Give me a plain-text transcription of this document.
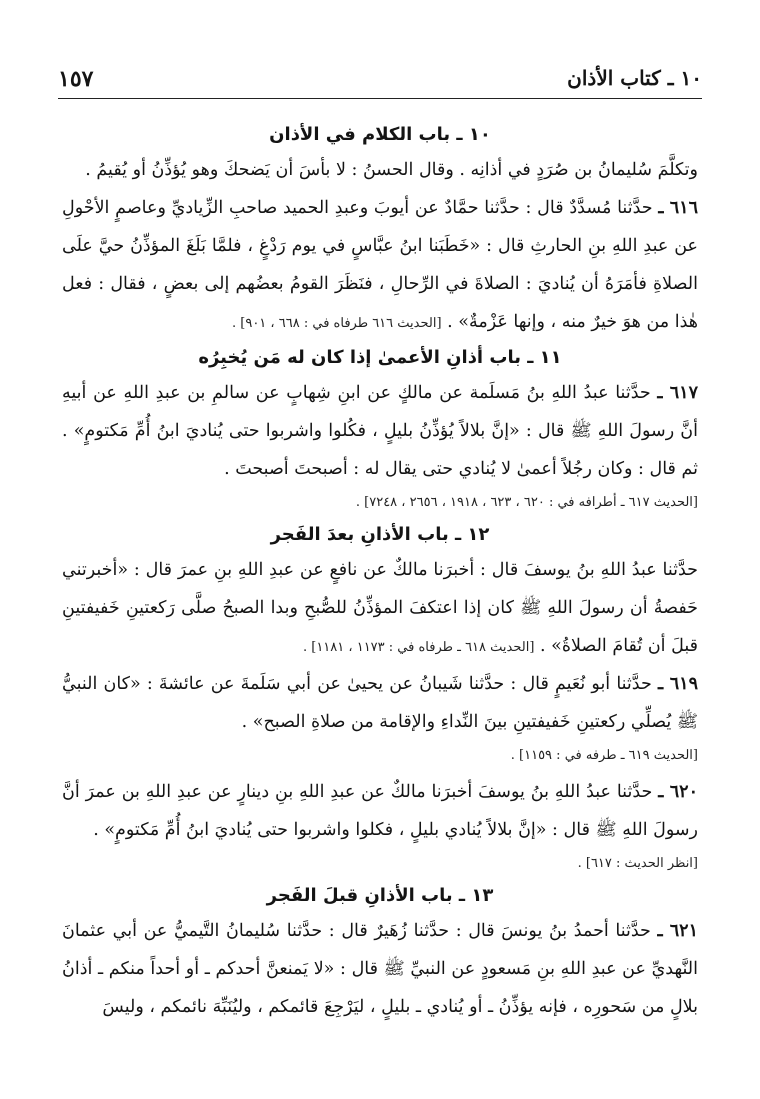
١٠ ـ كتاب الأذان
١٥٧
١٠ ـ باب الكلام في الأذان

وتكلَّمَ سُليمانُ بن صُرَدٍ في أذانِه . وقال الحسنُ : لا بأسَ أن يَضحكَ وهو يُؤذِّنُ أو يُقيمُ .

٦١٦ ـ حدَّثنا مُسدَّدٌ قال : حدَّثنا حمَّادٌ عن أيوبَ وعبدِ الحميد صاحبِ الزِّياديِّ وعاصمٍ الأحْولِ عن عبدِ اللهِ بنِ الحارثِ قال : «خَطَبَنا ابنُ عبَّاسٍ في يوم رَدْغٍ ، فلمَّا بَلَغَ المؤذِّنُ حيَّ علَى الصلاةِ فأمَرَهُ أن يُناديَ : الصلاةَ في الرِّحالِ ، فنَظَرَ القومُ بعضُهم إلى بعضٍ ، فقال : فعل هٰذا من هوَ خيرٌ منه ، وإنها عَزْمةٌ» . [الحديث ٦١٦ طرفاه في : ٦٦٨ ، ٩٠١] .

١١ ـ باب أذانِ الأعمىٰ إذا كان له مَن يُخبِرُه

٦١٧ ـ حدَّثنا عبدُ اللهِ بنُ مَسلَمة عن مالكٍ عن ابنِ شِهابٍ عن سالمِ بن عبدِ اللهِ عن أبيهِ أنَّ رسولَ اللهِ ﷺ قال : «إنَّ بلالاً يُؤذِّنُ بليلٍ ، فكُلوا واشربوا حتى يُناديَ ابنُ أُمِّ مَكتومٍ» . ثم قال : وكان رجُلاً أعمىٰ لا يُنادي حتى يقال له : أصبحتَ أصبحتَ .

[الحديث ٦١٧ ـ أطرافه في : ٦٢٠ ، ٦٢٣ ، ١٩١٨ ، ٢٦٥٦ ، ٧٢٤٨] .

١٢ ـ باب الأذانِ بعدَ الفَجر

حدَّثنا عبدُ اللهِ بنُ يوسفَ قال : أخبرَنا مالكٌ عن نافعٍ عن عبدِ اللهِ بنِ عمرَ قال : «أخبرتني حَفصةُ أن رسولَ اللهِ ﷺ كان إذا اعتكفَ المؤذِّنُ للصُّبحِ وبدا الصبحُ صلَّى رَكعتينِ خَفيفتينِ قبلَ أن تُقامَ الصلاةُ» . [الحديث ٦١٨ ـ طرفاه في : ١١٧٣ ، ١١٨١] .

٦١٩ ـ حدَّثنا أبو نُعَيمٍ قال : حدَّثنا شَيبانُ عن يحيىٰ عن أبي سَلَمةَ عن عائشةَ : «كان النبيُّ ﷺ يُصلِّي ركعتينِ خَفيفتينِ بينَ النِّداءِ والإقامة من صلاةِ الصبح» .

[الحديث ٦١٩ ـ طرفه في : ١١٥٩] .

٦٢٠ ـ حدَّثنا عبدُ اللهِ بنُ يوسفَ أخبرَنا مالكٌ عن عبدِ اللهِ بنِ دينارٍ عن عبدِ اللهِ بن عمرَ أنَّ رسولَ اللهِ ﷺ قال : «إنَّ بلالاً يُنادي بليلٍ ، فكلوا واشربوا حتى يُناديَ ابنُ أُمِّ مَكتومٍ» .

[انظر الحديث : ٦١٧] .

١٣ ـ باب الأذانِ قبلَ الفَجر

٦٢١ ـ حدَّثنا أحمدُ بنُ يونسَ قال : حدَّثنا زُهَيرٌ قال : حدَّثنا سُليمانُ التَّيميُّ عن أبي عثمانَ النَّهديِّ عن عبدِ اللهِ بنِ مَسعودٍ عن النبيِّ ﷺ قال : «لا يَمنعنَّ أحدكم ـ أو أحداً منكم ـ أذانُ بلالٍ من سَحورِه ، فإنه يؤذِّنُ ـ أو يُنادي ـ بليلٍ ، ليَرْجِعَ قائمكم ، وليُنَبِّهَ نائمكم ، وليسَ
